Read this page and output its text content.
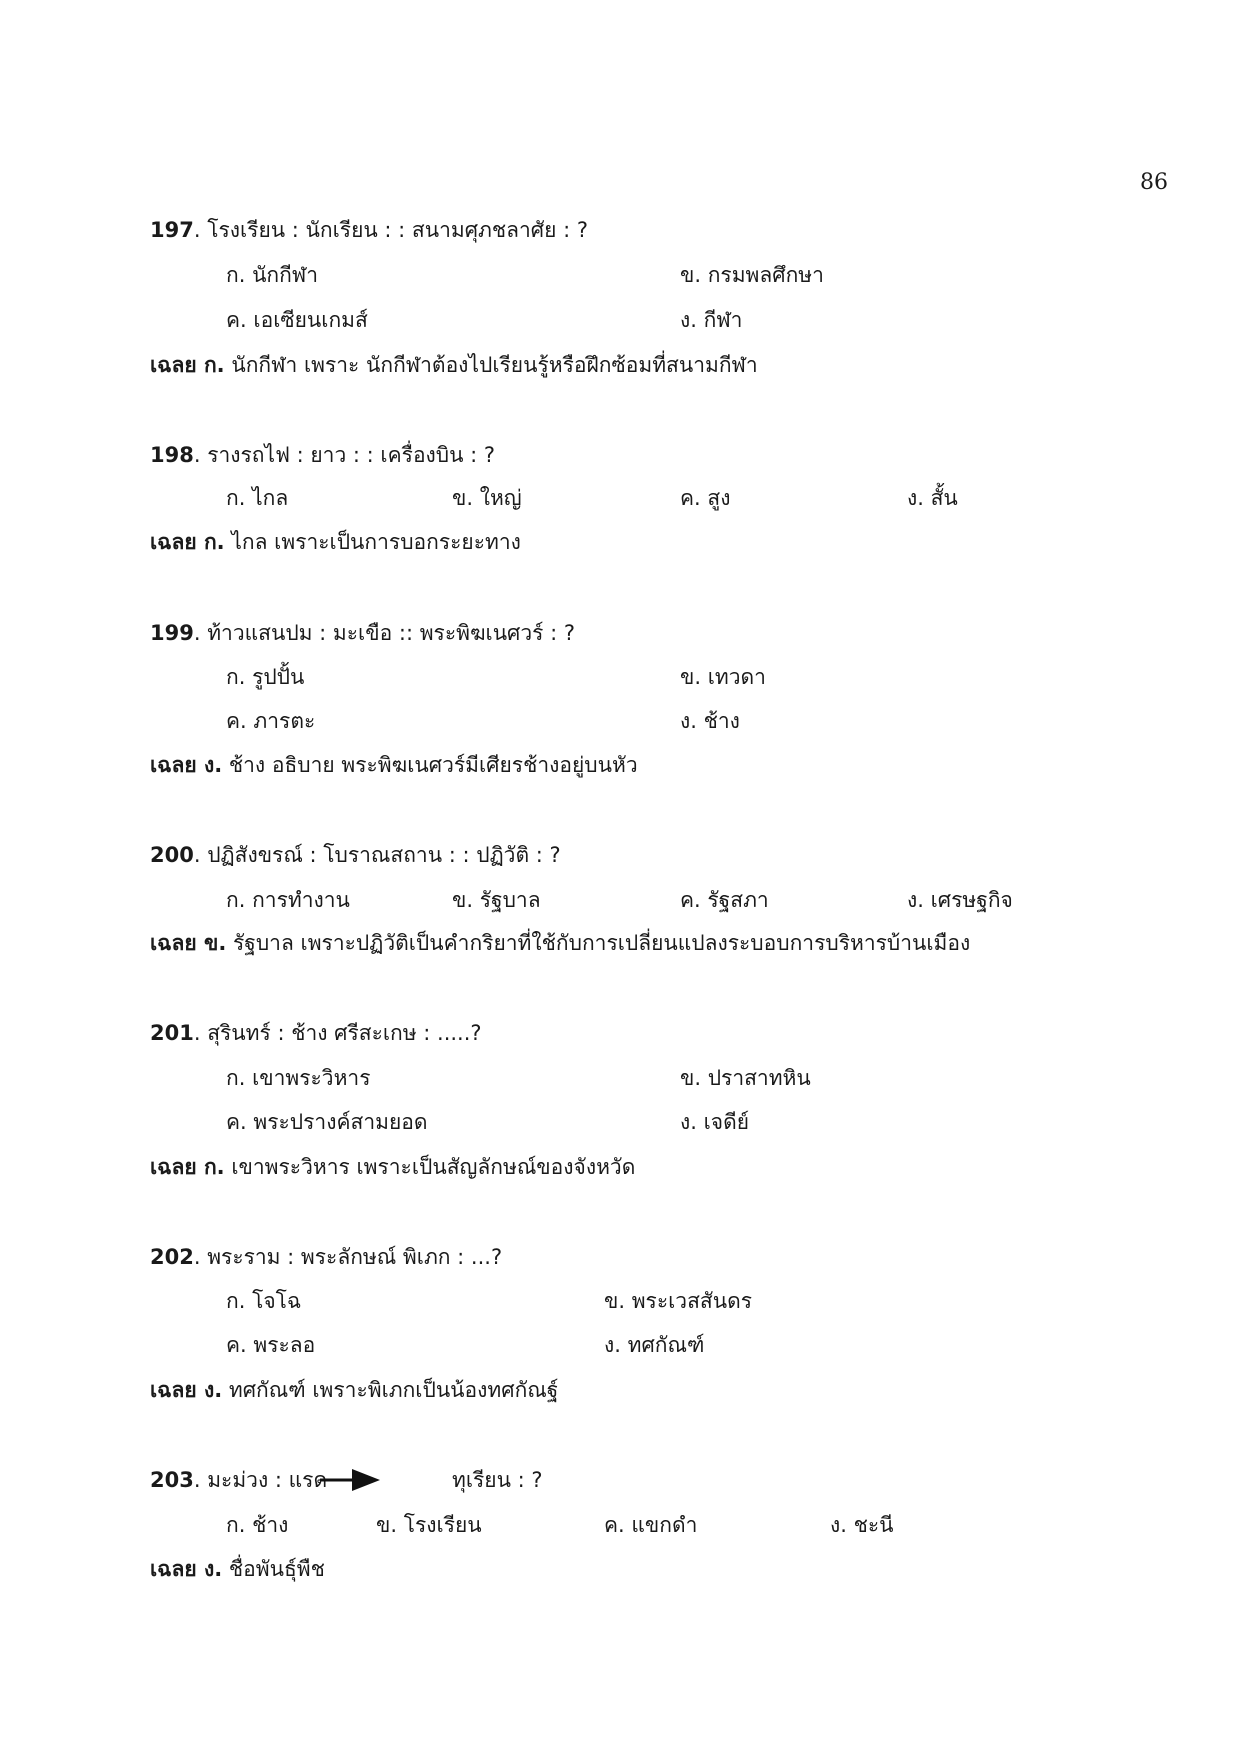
86
197. โรงเรียน : นักเรียน : : สนามศุภชลาศัย : ?
ก. นักกีฬา	ข. กรมพลศึกษา
ค. เอเซียนเกมส์	ง. กีฬา
เฉลย ก. นักกีฬา เพราะ นักกีฬาต้องไปเรียนรู้หรือฝึกซ้อมที่สนามกีฬา
198. รางรถไฟ : ยาว : : เครื่องบิน : ?
ก. ไกล	ข. ใหญ่	ค. สูง	ง. สั้น
เฉลย ก. ไกล เพราะเป็นการบอกระยะทาง
199. ท้าวแสนปม : มะเขือ :: พระพิฆเนศวร์ : ?
ก. รูปปั้น	ข. เทวดา
ค. ภารตะ	ง. ช้าง
เฉลย ง. ช้าง อธิบาย พระพิฆเนศวร์มีเศียรช้างอยู่บนหัว
200. ปฏิสังขรณ์ : โบราณสถาน : : ปฏิวัติ : ?
ก. การทำงาน	ข. รัฐบาล	ค. รัฐสภา	ง. เศรษฐกิจ
เฉลย ข. รัฐบาล เพราะปฏิวัติเป็นคำกริยาที่ใช้กับการเปลี่ยนแปลงระบอบการบริหารบ้านเมือง
201. สุรินทร์ : ช้าง ศรีสะเกษ : .....?
ก. เขาพระวิหาร	ข. ปราสาทหิน
ค. พระปรางค์สามยอด	ง. เจดีย์
เฉลย ก. เขาพระวิหาร เพราะเป็นสัญลักษณ์ของจังหวัด
202. พระราม : พระลักษณ์ พิเภก : ...?
ก. โจโฉ	ข. พระเวสสันดร
ค. พระลอ	ง. ทศกัณฑ์
เฉลย ง. ทศกัณฑ์ เพราะพิเภกเป็นน้องทศกัณฐ์
203. มะม่วง : แรด	ทุเรียน : ?
ก. ช้าง	ข. โรงเรียน	ค. แขกดำ	ง. ชะนี
เฉลย ง. ชื่อพันธุ์พืช
